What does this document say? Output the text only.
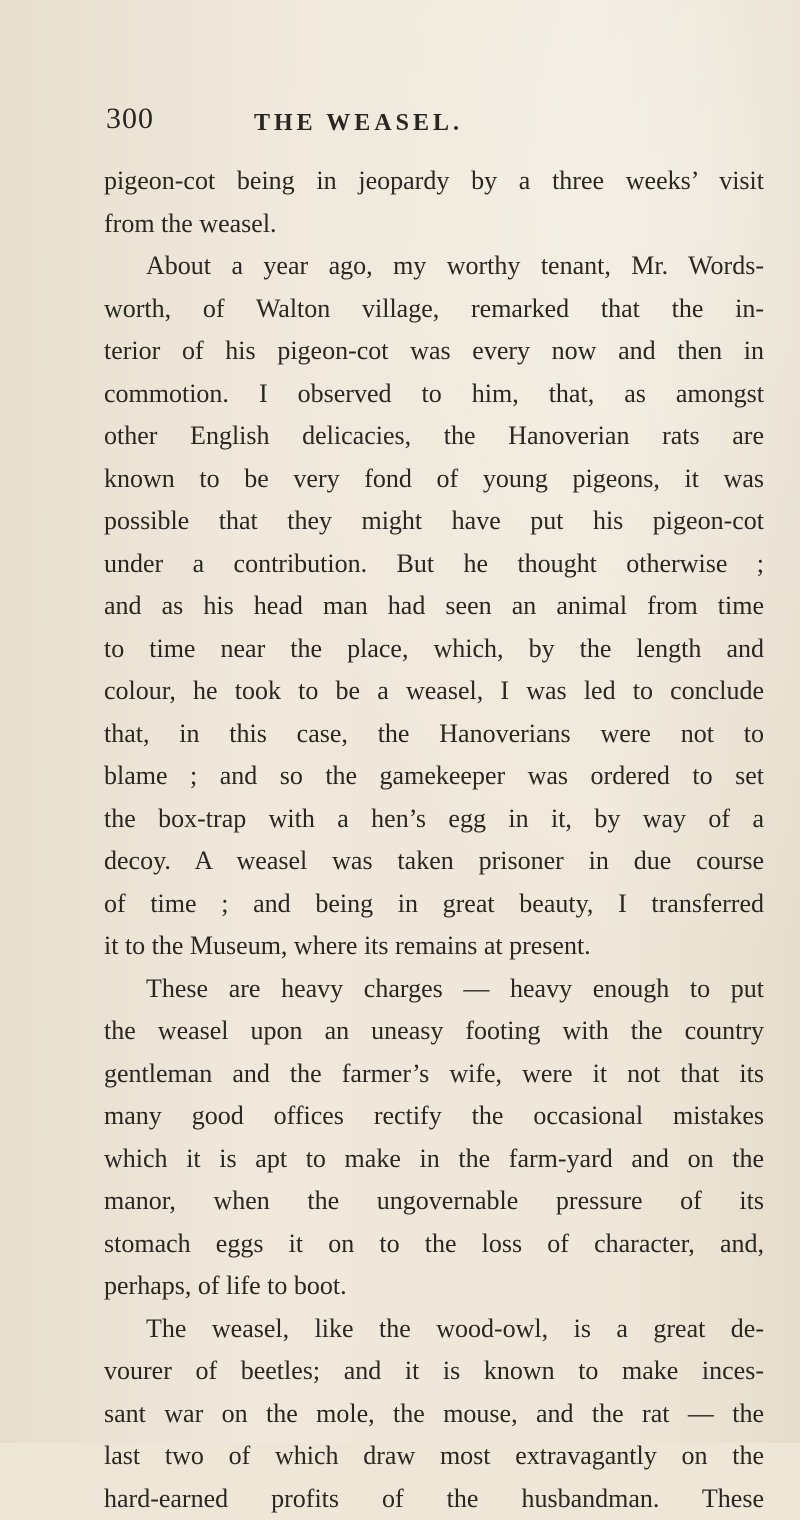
300	THE WEASEL.
pigeon-cot being in jeopardy by a three weeks’ visit
from the weasel.
About a year ago, my worthy tenant, Mr. Words-
worth, of Walton village, remarked that the in-
terior of his pigeon-cot was every now and then in
commotion. I observed to him, that, as amongst
other English delicacies, the Hanoverian rats are
known to be very fond of young pigeons, it was
possible that they might have put his pigeon-cot
under a contribution. But he thought otherwise ;
and as his head man had seen an animal from time
to time near the place, which, by the length and
colour, he took to be a weasel, I was led to conclude
that, in this case, the Hanoverians were not to
blame ; and so the gamekeeper was ordered to set
the box-trap with a hen’s egg in it, by way of a
decoy. A weasel was taken prisoner in due course
of time ; and being in great beauty, I transferred
it to the Museum, where its remains at present.
These are heavy charges — heavy enough to put
the weasel upon an uneasy footing with the country
gentleman and the farmer’s wife, were it not that its
many good offices rectify the occasional mistakes
which it is apt to make in the farm-yard and on the
manor, when the ungovernable pressure of its
stomach eggs it on to the loss of character, and,
perhaps, of life to boot.
The weasel, like the wood-owl, is a great de-
vourer of beetles; and it is known to make inces-
sant war on the mole, the mouse, and the rat — the
last two of which draw most extravagantly on the
hard-earned profits of the husbandman. These
